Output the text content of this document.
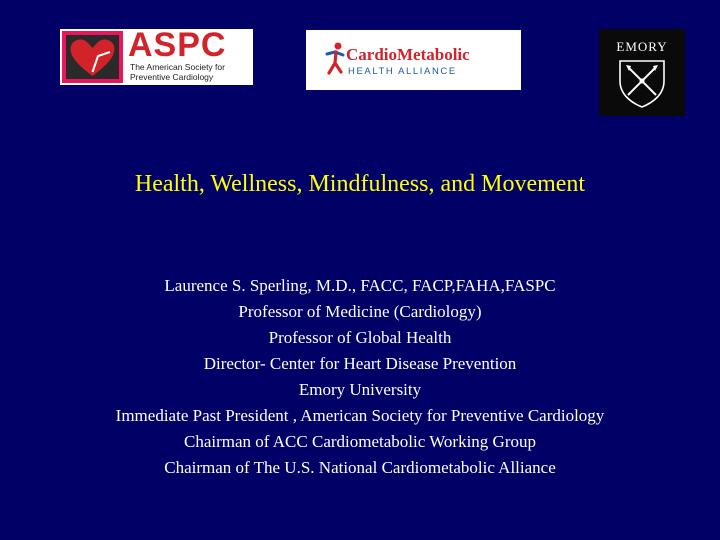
ASPC
The American Society for
Preventive Cardiology
CardioMetabolic
HEALTH ALLIANCE
EMORY
Health, Wellness, Mindfulness, and Movement
Laurence S. Sperling, M.D., FACC, FACP,FAHA,FASPC
Professor of Medicine (Cardiology)
Professor of Global Health
Director- Center for Heart Disease Prevention
Emory University
Immediate Past President , American Society for Preventive Cardiology
Chairman of ACC Cardiometabolic Working Group
Chairman of The U.S. National Cardiometabolic Alliance
